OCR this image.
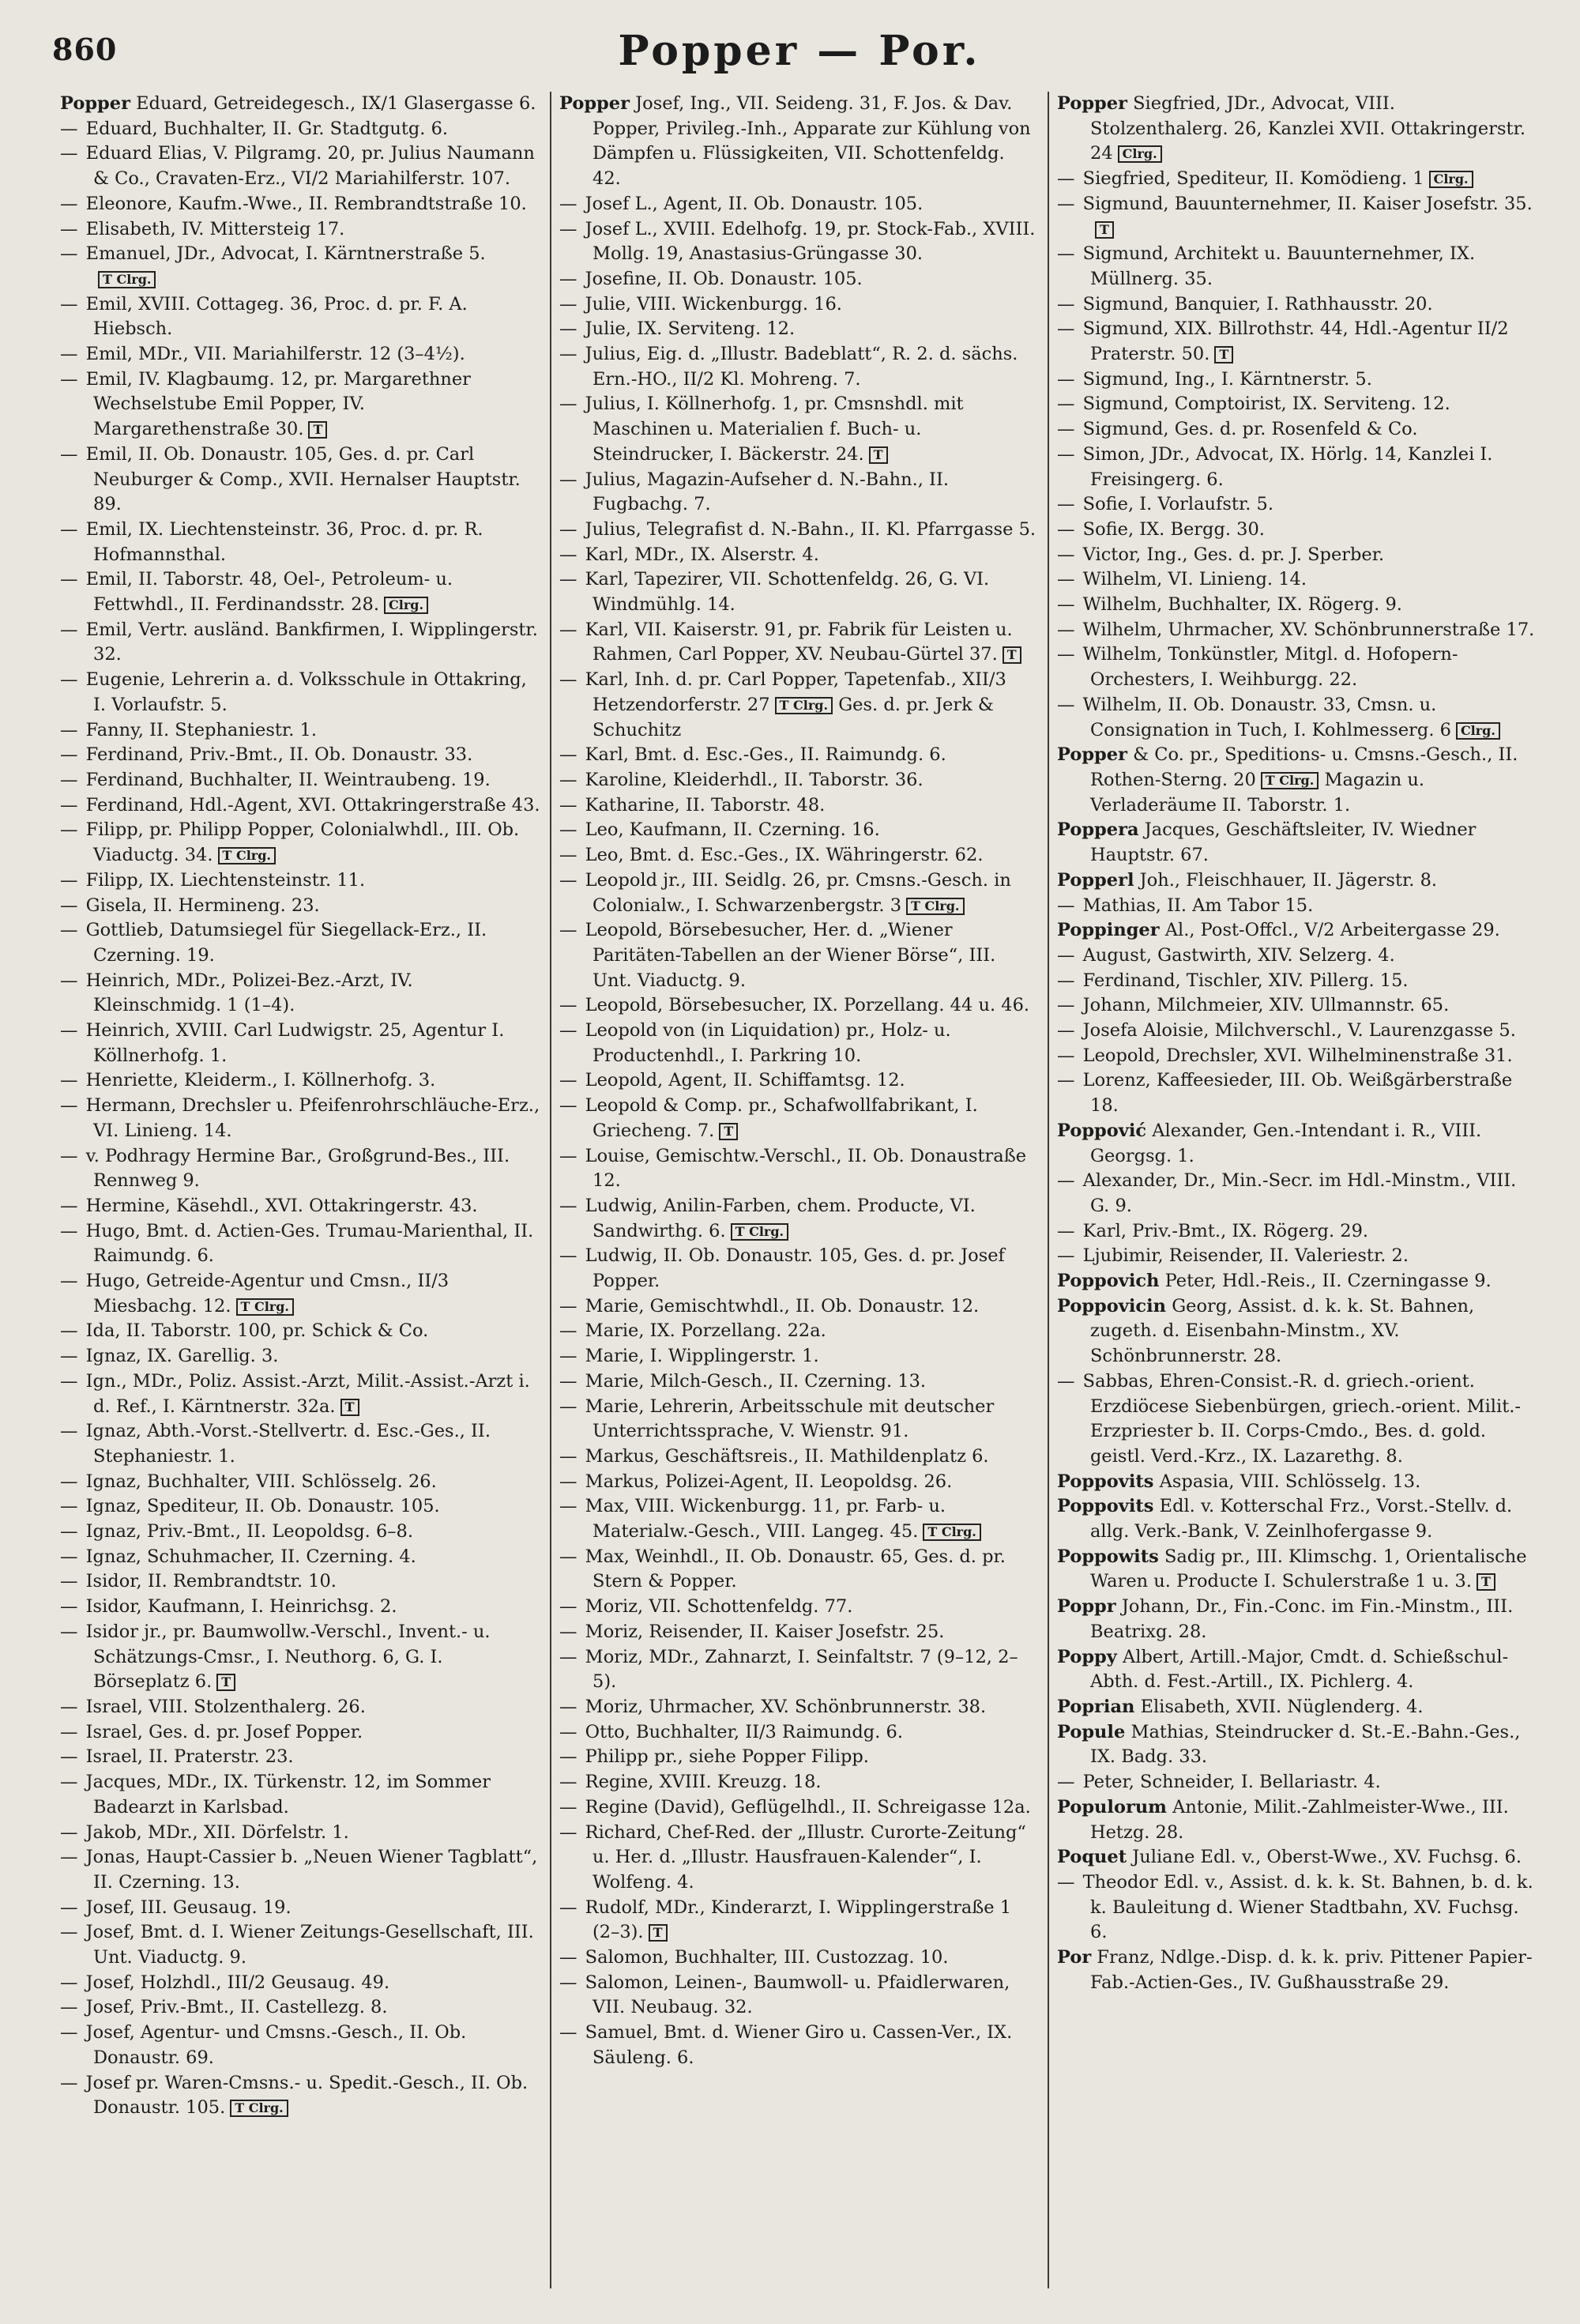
860	Popper — Por.
Popper Eduard, Getreidegesch., IX/1 Glasergasse 6.
— Eduard, Buchhalter, II. Gr. Stadtgutg. 6.
— Eduard Elias, V. Pilgramg. 20, pr. Julius Naumann & Co., Cravaten-Erz., VI/2 Mariahilferstr. 107.
— Eleonore, Kaufm.-Wwe., II. Rembrandtstraße 10.
— Elisabeth, IV. Mittersteig 17.
— Emanuel, JDr., Advocat, I. Kärntnerstraße 5.T Clrg.
— Emil, XVIII. Cottageg. 36, Proc. d. pr. F. A. Hiebsch.
— Emil, MDr., VII. Mariahilferstr. 12 (3–4½).
— Emil, IV. Klagbaumg. 12, pr. Margarethner Wechselstube Emil Popper, IV. Margarethenstraße 30. T
— Emil, II. Ob. Donaustr. 105, Ges. d. pr. Carl Neuburger & Comp., XVII. Hernalser Hauptstr. 89.
— Emil, IX. Liechtensteinstr. 36, Proc. d. pr. R. Hofmannsthal.
— Emil, II. Taborstr. 48, Oel-, Petroleum- u. Fettwhdl., II. Ferdinandsstr. 28. Clrg.
— Emil, Vertr. ausländ. Bankfirmen, I. Wipplingerstr. 32.
— Eugenie, Lehrerin a. d. Volksschule in Ottakring, I. Vorlaufstr. 5.
— Fanny, II. Stephaniestr. 1.
— Ferdinand, Priv.-Bmt., II. Ob. Donaustr. 33.
— Ferdinand, Buchhalter, II. Weintraubeng. 19.
— Ferdinand, Hdl.-Agent, XVI. Ottakringerstraße 43.
— Filipp, pr. Philipp Popper, Colonialwhdl., III. Ob. Viaductg. 34. T Clrg.
— Filipp, IX. Liechtensteinstr. 11.
— Gisela, II. Hermineng. 23.
— Gottlieb, Datumsiegel für Siegellack-Erz., II. Czerning. 19.
— Heinrich, MDr., Polizei-Bez.-Arzt, IV. Kleinschmidg. 1 (1–4).
— Heinrich, XVIII. Carl Ludwigstr. 25, Agentur I. Köllnerhofg. 1.
— Henriette, Kleiderm., I. Köllnerhofg. 3.
— Hermann, Drechsler u. Pfeifenrohrschläuche-Erz., VI. Linieng. 14.
— v. Podhragy Hermine Bar., Großgrund-Bes., III. Rennweg 9.
— Hermine, Käsehdl., XVI. Ottakringerstr. 43.
— Hugo, Bmt. d. Actien-Ges. Trumau-Marienthal, II. Raimundg. 6.
— Hugo, Getreide-Agentur und Cmsn., II/3 Miesbachg. 12. T Clrg.
— Ida, II. Taborstr. 100, pr. Schick & Co.
— Ignaz, IX. Garellig. 3.
— Ign., MDr., Poliz. Assist.-Arzt, Milit.-Assist.-Arzt i. d. Ref., I. Kärntnerstr. 32a. T
— Ignaz, Abth.-Vorst.-Stellvertr. d. Esc.-Ges., II. Stephaniestr. 1.
— Ignaz, Buchhalter, VIII. Schlösselg. 26.
— Ignaz, Spediteur, II. Ob. Donaustr. 105.
— Ignaz, Priv.-Bmt., II. Leopoldsg. 6–8.
— Ignaz, Schuhmacher, II. Czerning. 4.
— Isidor, II. Rembrandtstr. 10.
— Isidor, Kaufmann, I. Heinrichsg. 2.
— Isidor jr., pr. Baumwollw.-Verschl., Invent.- u. Schätzungs-Cmsr., I. Neuthorg. 6, G. I. Börseplatz 6. T
— Israel, VIII. Stolzenthalerg. 26.
— Israel, Ges. d. pr. Josef Popper.
— Israel, II. Praterstr. 23.
— Jacques, MDr., IX. Türkenstr. 12, im Sommer Badearzt in Karlsbad.
— Jakob, MDr., XII. Dörfelstr. 1.
— Jonas, Haupt-Cassier b. „Neuen Wiener Tagblatt“, II. Czerning. 13.
— Josef, III. Geusaug. 19.
— Josef, Bmt. d. I. Wiener Zeitungs-Gesellschaft, III. Unt. Viaductg. 9.
— Josef, Holzhdl., III/2 Geusaug. 49.
— Josef, Priv.-Bmt., II. Castellezg. 8.
— Josef, Agentur- und Cmsns.-Gesch., II. Ob. Donaustr. 69.
— Josef pr. Waren-Cmsns.- u. Spedit.-Gesch., II. Ob. Donaustr. 105. T Clrg.
Popper Josef, Ing., VII. Seideng. 31, F. Jos. & Dav. Popper, Privileg.-Inh., Apparate zur Kühlung von Dämpfen u. Flüssigkeiten, VII. Schottenfeldg. 42.
— Josef L., Agent, II. Ob. Donaustr. 105.
— Josef L., XVIII. Edelhofg. 19, pr. Stock-Fab., XVIII. Mollg. 19, Anastasius-Grüngasse 30.
— Josefine, II. Ob. Donaustr. 105.
— Julie, VIII. Wickenburgg. 16.
— Julie, IX. Servitеng. 12.
— Julius, Eig. d. „Illustr. Badeblatt“, R. 2. d. sächs. Ern.-HO., II/2 Kl. Mohreng. 7.
— Julius, I. Köllnerhofg. 1, pr. Cmsnshdl. mit Maschinen u. Materialien f. Buch- u. Steindrucker, I. Bäckerstr. 24. T
— Julius, Magazin-Aufseher d. N.-Bahn., II. Fugbachg. 7.
— Julius, Telegrafist d. N.-Bahn., II. Kl. Pfarrgasse 5.
— Karl, MDr., IX. Alserstr. 4.
— Karl, Tapezirer, VII. Schottenfeldg. 26, G. VI. Windmühlg. 14.
— Karl, VII. Kaiserstr. 91, pr. Fabrik für Leisten u. Rahmen, Carl Popper, XV. Neubau-Gürtel 37. T
— Karl, Inh. d. pr. Carl Popper, Tapetenfab., XII/3 Hetzendorferstr. 27 T Clrg. Ges. d. pr. Jerk & Schuchitz
— Karl, Bmt. d. Esc.-Ges., II. Raimundg. 6.
— Karoline, Kleiderhdl., II. Taborstr. 36.
— Katharine, II. Taborstr. 48.
— Leo, Kaufmann, II. Czerning. 16.
— Leo, Bmt. d. Esc.-Ges., IX. Währingerstr. 62.
— Leopold jr., III. Seidlg. 26, pr. Cmsns.-Gesch. in Colonialw., I. Schwarzenbergstr. 3 T Clrg.
— Leopold, Börsebesucher, Her. d. „Wiener Paritäten-Tabellen an der Wiener Börse“, III. Unt. Viaductg. 9.
— Leopold, Börsebesucher, IX. Porzellang. 44 u. 46.
— Leopold von (in Liquidation) pr., Holz- u. Productenhdl., I. Parkring 10.
— Leopold, Agent, II. Schiffamtsg. 12.
— Leopold & Comp. pr., Schafwollfabrikant, I. Griecheng. 7. T
— Louise, Gemischtw.-Verschl., II. Ob. Donaustraße 12.
— Ludwig, Anilin-Farben, chem. Producte, VI. Sandwirthg. 6. T Clrg.
— Ludwig, II. Ob. Donaustr. 105, Ges. d. pr. Josef Popper.
— Marie, Gemischtwhdl., II. Ob. Donaustr. 12.
— Marie, IX. Porzellang. 22a.
— Marie, I. Wipplingerstr. 1.
— Marie, Milch-Gesch., II. Czerning. 13.
— Marie, Lehrerin, Arbeitsschule mit deutscher Unterrichtssprache, V. Wienstr. 91.
— Markus, Geschäftsreis., II. Mathildenplatz 6.
— Markus, Polizei-Agent, II. Leopoldsg. 26.
— Max, VIII. Wickenburgg. 11, pr. Farb- u. Materialw.-Gesch., VIII. Langeg. 45. T Clrg.
— Max, Weinhdl., II. Ob. Donaustr. 65, Ges. d. pr. Stern & Popper.
— Moriz, VII. Schottenfeldg. 77.
— Moriz, Reisender, II. Kaiser Josefstr. 25.
— Moriz, MDr., Zahnarzt, I. Seinfaltstr. 7 (9–12, 2–5).
— Moriz, Uhrmacher, XV. Schönbrunnerstr. 38.
— Otto, Buchhalter, II/3 Raimundg. 6.
— Philipp pr., siehe Popper Filipp.
— Regine, XVIII. Kreuzg. 18.
— Regine (David), Geflügelhdl., II. Schreigasse 12a.
— Richard, Chef-Red. der „Illustr. Curorte-Zeitung“ u. Her. d. „Illustr. Hausfrauen-Kalender“, I. Wolfeng. 4.
— Rudolf, MDr., Kinderarzt, I. Wipplingerstraße 1 (2–3). T
— Salomon, Buchhalter, III. Custozzag. 10.
— Salomon, Leinen-, Baumwoll- u. Pfaidlerwaren, VII. Neubaug. 32.
— Samuel, Bmt. d. Wiener Giro u. Cassen-Ver., IX. Säuleng. 6.
Popper Siegfried, JDr., Advocat, VIII. Stolzenthalerg. 26, Kanzlei XVII. Ottakringerstr. 24 Clrg.
— Siegfried, Spediteur, II. Komödieng. 1 Clrg.
— Sigmund, Bauunternehmer, II. Kaiser Josefstr. 35.T
— Sigmund, Architekt u. Bauunternehmer, IX. Müllnerg. 35.
— Sigmund, Banquier, I. Rathhausstr. 20.
— Sigmund, XIX. Billrothstr. 44, Hdl.-Agentur II/2 Praterstr. 50. T
— Sigmund, Ing., I. Kärntnerstr. 5.
— Sigmund, Comptoirist, IX. Servitеng. 12.
— Sigmund, Ges. d. pr. Rosenfeld & Co.
— Simon, JDr., Advocat, IX. Hörlg. 14, Kanzlei I. Freisingerg. 6.
— Sofie, I. Vorlaufstr. 5.
— Sofie, IX. Bergg. 30.
— Victor, Ing., Ges. d. pr. J. Sperber.
— Wilhelm, VI. Linieng. 14.
— Wilhelm, Buchhalter, IX. Rögerg. 9.
— Wilhelm, Uhrmacher, XV. Schönbrunnerstraße 17.
— Wilhelm, Tonkünstler, Mitgl. d. Hofopern-Orchesters, I. Weihburgg. 22.
— Wilhelm, II. Ob. Donaustr. 33, Cmsn. u. Consignation in Tuch, I. Kohlmesserg. 6 Clrg.
Popper & Co. pr., Speditions- u. Cmsns.-Gesch., II. Rothen-Sterng. 20 T Clrg. Magazin u. Verladeräume II. Taborstr. 1.
Poppera Jacques, Geschäftsleiter, IV. Wiedner Hauptstr. 67.
Popperl Joh., Fleischhauer, II. Jägerstr. 8.
— Mathias, II. Am Tabor 15.
Poppinger Al., Post-Offcl., V/2 Arbeitergasse 29.
— August, Gastwirth, XIV. Selzerg. 4.
— Ferdinand, Tischler, XIV. Pillerg. 15.
— Johann, Milchmeier, XIV. Ullmannstr. 65.
— Josefa Aloisie, Milchverschl., V. Laurenzgasse 5.
— Leopold, Drechsler, XVI. Wilhelminenstraße 31.
— Lorenz, Kaffeesieder, III. Ob. Weißgärberstraße 18.
Poppović Alexander, Gen.-Intendant i. R., VIII. Georgsg. 1.
— Alexander, Dr., Min.-Secr. im Hdl.-Minstm., VIII. G. 9.
— Karl, Priv.-Bmt., IX. Rögerg. 29.
— Ljubimir, Reisender, II. Valeriestr. 2.
Poppovich Peter, Hdl.-Reis., II. Czerningasse 9.
Poppovicin Georg, Assist. d. k. k. St. Bahnen, zugeth. d. Eisenbahn-Minstm., XV. Schönbrunnerstr. 28.
— Sabbas, Ehren-Consist.-R. d. griech.-orient. Erzdiöcese Siebenbürgen, griech.-orient. Milit.-Erzpriester b. II. Corps-Cmdo., Bes. d. gold. geistl. Verd.-Krz., IX. Lazarethg. 8.
Poppovits Aspasia, VIII. Schlösselg. 13.
Poppovits Edl. v. Kotterschal Frz., Vorst.-Stellv. d. allg. Verk.-Bank, V. Zeinlhofergasse 9.
Poppowits Sadig pr., III. Klimschg. 1, Orientalische Waren u. Producte I. Schulerstraße 1 u. 3. T
Poppr Johann, Dr., Fin.-Conc. im Fin.-Minstm., III. Beatrixg. 28.
Poppy Albert, Artill.-Major, Cmdt. d. Schießschul-Abth. d. Fest.-Artill., IX. Pichlerg. 4.
Poprian Elisabeth, XVII. Nüglenderg. 4.
Popule Mathias, Steindrucker d. St.-E.-Bahn.-Ges., IX. Badg. 33.
— Peter, Schneider, I. Bellariastr. 4.
Populorum Antonie, Milit.-Zahlmeister-Wwe., III. Hetzg. 28.
Poquet Juliane Edl. v., Oberst-Wwe., XV. Fuchsg. 6.
— Theodor Edl. v., Assist. d. k. k. St. Bahnen, b. d. k. k. Bauleitung d. Wiener Stadtbahn, XV. Fuchsg. 6.
Por Franz, Ndlge.-Disp. d. k. k. priv. Pittener Papier-Fab.-Actien-Ges., IV. Gußhausstraße 29.
